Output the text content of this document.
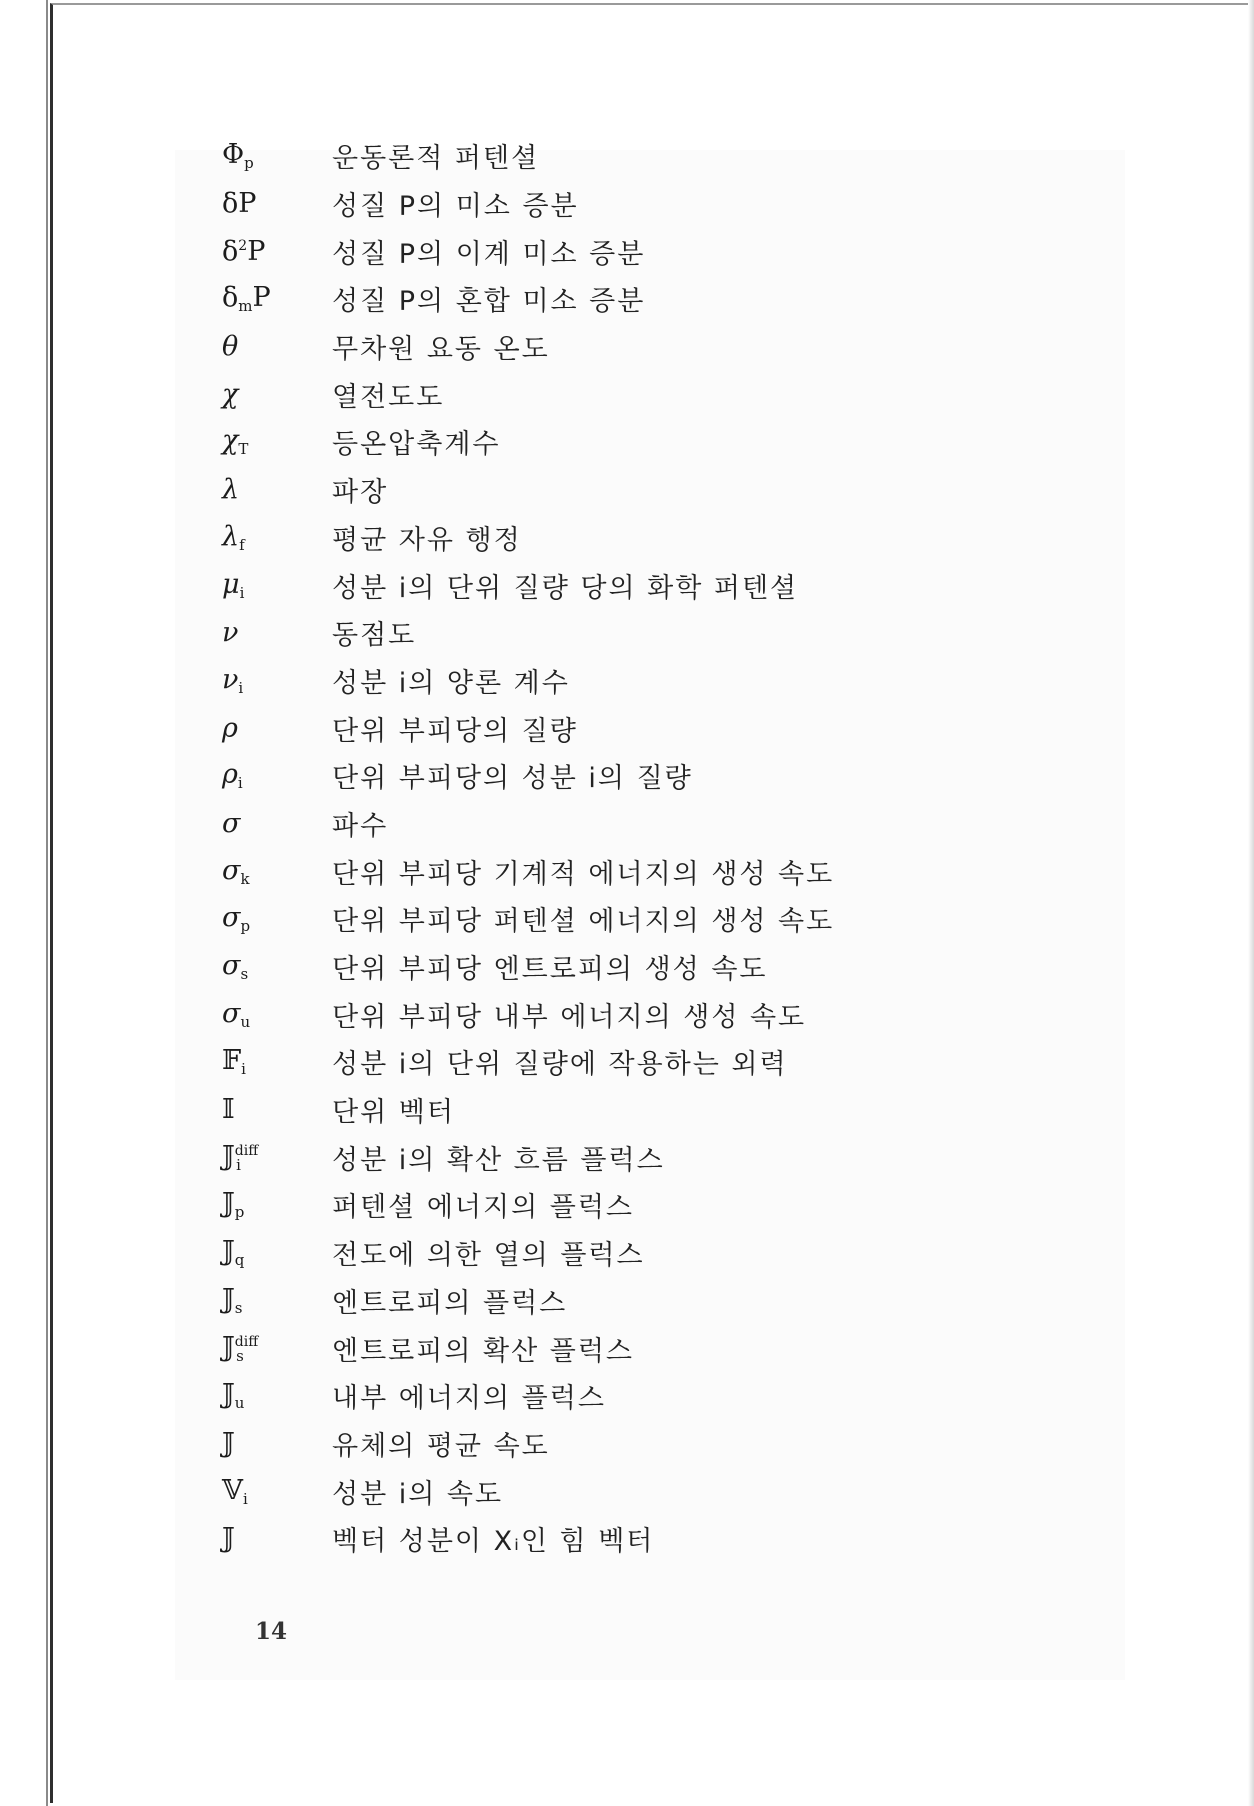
$\Phi_p$	운동론적 퍼텐셜
δP	성질 P의 미소 증분
$\delta^2P$	성질 P의 이계 미소 증분
$\delta_mP$	성질 P의 혼합 미소 증분
θ	무차원 요동 온도
χ	열전도도
$\chi_T$	등온압축계수
λ	파장
$\lambda_f$	평균 자유 행정
$\mu_i$	성분 i의 단위 질량 당의 화학 퍼텐셜
ν	동점도
$\nu_i$	성분 i의 양론 계수
ρ	단위 부피당의 질량
$\rho_i$	단위 부피당의 성분 i의 질량
σ	파수
$\sigma_k$	단위 부피당 기계적 에너지의 생성 속도
$\sigma_p$	단위 부피당 퍼텐셜 에너지의 생성 속도
$\sigma_s$	단위 부피당 엔트로피의 생성 속도
$\sigma_u$	단위 부피당 내부 에너지의 생성 속도
𝔽$_i$	성분 i의 단위 질량에 작용하는 외력
𝕀	단위 벡터
𝕁$^{diff}_i$	성분 i의 확산 흐름 플럭스
𝕁$_p$	퍼텐셜 에너지의 플럭스
𝕁$_q$	전도에 의한 열의 플럭스
𝕁$_s$	엔트로피의 플럭스
𝕁$^{diff}_s$	엔트로피의 확산 플럭스
𝕁$_u$	내부 에너지의 플럭스
𝕁	유체의 평균 속도
𝕍$_i$	성분 i의 속도
𝕁	벡터 성분이 Xᵢ인 힘 벡터
14
